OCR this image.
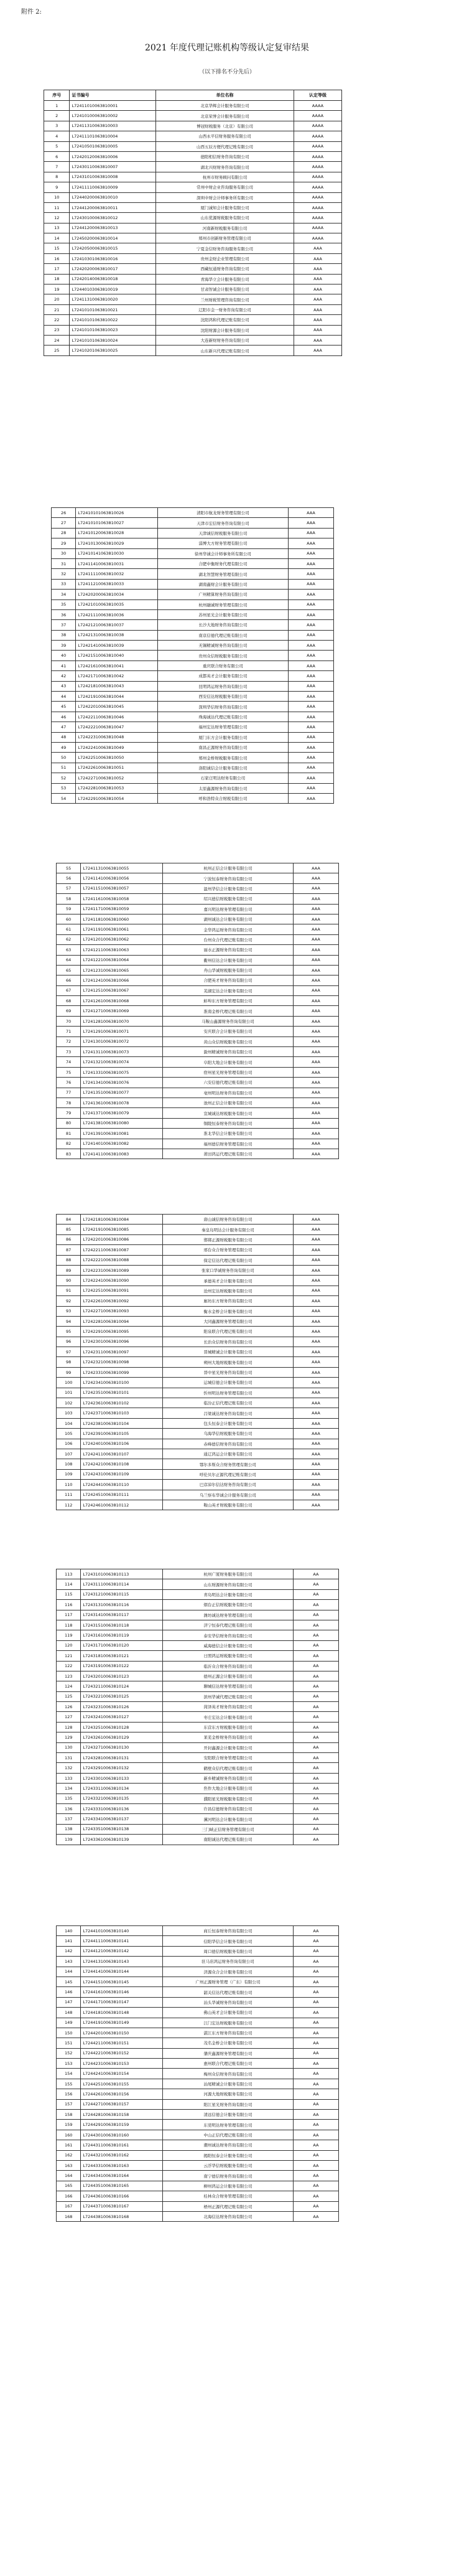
附件 2:
2021 年度代理记账机构等级认定复审结果
（以下排名不分先后）
序号	证书编号	单位名称	认定等级
1	L72411010063810001	北京华辉会计服务有限公司	AAAA
2	L72410100063810002	北京荣誉会计服务有限公司	AAAA
3	L72411310063810003	博冠财税服务（北京）有限公司	AAAA
4	L72411101063810004	山西永平信财务服务有限公司	AAAA
5	L72410501063810005	山西五辰方便代理记账有限公司	AAAA
6	L72420120063810006	德阳相信财务咨询有限公司	AAAA
7	L72430110063810007	湖北兴财财务咨询有限公司	AAAA
8	L72431010063810008	杭州市财务顾问有限公司	AAAA
9	L72411110063810009	常州中财企业咨询服务有限公司	AAAA
10	L72440200063810010	深圳中财会计师事务所有限公司	AAAA
11	L72441200063810011	厦门诚知会计服务有限公司	AAAA
12	L72430100063810012	山东优源财税服务有限公司	AAAA
13	L72441200063810013	河南新财税服务有限公司	AAAA
14	L72450200063810014	郑州市创新财务管理有限公司	AAAA
15	L72420500063810015	宁夏金信财务咨询服务有限公司	AAA
16	L72410301063810016	贵州金财企业管理有限公司	AAA
17	L72420200063810017	西藏恒通财务咨询有限公司	AAA
18	L72420140063810018	青海华立会计服务有限公司	AAA
19	L72440103063810019	甘肃智诚会计服务有限公司	AAA
20	L72411310063810020	兰州财税管理咨询有限公司	AAA
21	L72410101063810021	辽阳市金一财务咨询有限公司	AAA
22	L72410101063810022	沈阳鸿和代理记账有限公司	AAA
23	L72410101063810023	沈阳财源会计服务有限公司	AAA
24	L72410101063810024	大连新财财务咨询有限公司	AAA
25	L72410201063810025	山东新兴代理记账有限公司	AAA
26	L72410101063810026	清阳市航龙财务管理有限公司	AAA
27	L72410101063810027	天津市宏信财务咨询有限公司	AAA
28	L72410120063810028	天津诚信财税服务有限公司	AAA
29	L72410130063810029	淄博大方财务管理有限公司	AAA
30	L72410141063810030	徐州华诚会计师事务所有限公司	AAA
31	L72411410063810031	合肥中衡财务代理有限公司	AAA
32	L72411110063810032	湖北智慧财务管理有限公司	AAA
33	L72411210063810033	湖南鑫财会计服务有限公司	AAA
34	L72420200063810034	广州精算财务咨询有限公司	AAA
35	L72421010063810035	杭州融诚财务管理有限公司	AAA
36	L72421110063810036	苏州星光会计服务有限公司	AAA
37	L72421210063810037	长沙大地财务咨询有限公司	AAA
38	L72421310063810038	南京信德代理记账有限公司	AAA
39	L72421410063810039	无锡精诚财务咨询有限公司	AAA
40	L72421510063810040	贵州众信财税服务有限公司	AAA
41	L72421610063810041	重庆联合财务有限公司	AAA
42	L72421710063810042	成都英才会计服务有限公司	AAA
43	L72421810063810043	昆明鸿运财务咨询有限公司	AAA
44	L72421910063810044	西安信达财税服务有限公司	AAA
45	L72422010063810045	深圳华信财务咨询有限公司	AAA
46	L72422110063810046	珠海诚达代理记账有限公司	AAA
47	L72422210063810047	福州宏达财务管理有限公司	AAA
48	L72422310063810048	厦门东方会计服务有限公司	AAA
49	L72422410063810049	南昌正源财务咨询有限公司	AAA
50	L72422510063810050	郑州金桥财税服务有限公司	AAA
51	L72422610063810051	洛阳诚信会计服务有限公司	AAA
52	L72422710063810052	石家庄明达财务有限公司	AAA
53	L72422810063810053	太原鑫源财务咨询有限公司	AAA
54	L72422910063810054	呼和浩特众合财税有限公司	AAA
55	L72411310063810055	杭州正信会计服务有限公司	AAA
56	L72411410063810056	宁波恒泰财务咨询有限公司	AAA
57	L72411510063810057	温州华信会计服务有限公司	AAA
58	L72411610063810058	绍兴德信财税服务有限公司	AAA
59	L72411710063810059	嘉兴明达财务管理有限公司	AAA
60	L72411810063810060	湖州诚达会计服务有限公司	AAA
61	L72411910063810061	金华鸿运财务咨询有限公司	AAA
62	L72412010063810062	台州众合代理记账有限公司	AAA
63	L72412110063810063	丽水正源财务咨询有限公司	AAA
64	L72412210063810064	衢州信达会计服务有限公司	AAA
65	L72412310063810065	舟山华诚财税服务有限公司	AAA
66	L72412410063810066	合肥英才财务咨询有限公司	AAA
67	L72412510063810067	芜湖宏达会计服务有限公司	AAA
68	L72412610063810068	蚌埠东方财务管理有限公司	AAA
69	L72412710063810069	淮南金桥代理记账有限公司	AAA
70	L72412810063810070	马鞍山鑫源财务咨询有限公司	AAA
71	L72412910063810071	安庆联合会计服务有限公司	AAA
72	L72413010063810072	黄山众信财税服务有限公司	AAA
73	L72413110063810073	滁州精诚财务咨询有限公司	AAA
74	L72413210063810074	阜阳大地会计服务有限公司	AAA
75	L72413310063810075	宿州星光财务管理有限公司	AAA
76	L72413410063810076	六安信德代理记账有限公司	AAA
77	L72413510063810077	亳州明达财务咨询有限公司	AAA
78	L72413610063810078	池州正信会计服务有限公司	AAA
79	L72413710063810079	宣城诚达财税服务有限公司	AAA
80	L72413810063810080	铜陵恒泰财务咨询有限公司	AAA
81	L72413910063810081	淮北华信会计服务有限公司	AAA
82	L72414010063810082	福州德信财务管理有限公司	AAA
83	L72414110063810083	莆田鸿运代理记账有限公司	AAA
84	L72421810063810084	唐山诚信财务咨询有限公司	AAA
85	L72421910063810085	秦皇岛明达会计服务有限公司	AAA
86	L72422010063810086	邯郸正源财税服务有限公司	AAA
87	L72422110063810087	邢台众合财务管理有限公司	AAA
88	L72422210063810088	保定信达代理记账有限公司	AAA
89	L72422310063810089	张家口华诚财务咨询有限公司	AAA
90	L72422410063810090	承德英才会计服务有限公司	AAA
91	L72422510063810091	沧州宏达财税服务有限公司	AAA
92	L72422610063810092	廊坊东方财务咨询有限公司	AAA
93	L72422710063810093	衡水金桥会计服务有限公司	AAA
94	L72422810063810094	大同鑫源财务管理有限公司	AAA
95	L72422910063810095	阳泉联合代理记账有限公司	AAA
96	L72423010063810096	长治众信财务咨询有限公司	AAA
97	L72423110063810097	晋城精诚会计服务有限公司	AAA
98	L72423210063810098	朔州大地财税服务有限公司	AAA
99	L72423310063810099	晋中星光财务咨询有限公司	AAA
100	L72423410063810100	运城信德会计服务有限公司	AAA
101	L72423510063810101	忻州明达财务管理有限公司	AAA
102	L72423610063810102	临汾正信代理记账有限公司	AAA
103	L72423710063810103	吕梁诚达财务咨询有限公司	AAA
104	L72423810063810104	包头恒泰会计服务有限公司	AAA
105	L72423910063810105	乌海华信财税服务有限公司	AAA
106	L72424010063810106	赤峰德信财务咨询有限公司	AAA
107	L72424110063810107	通辽鸿运会计服务有限公司	AAA
108	L72424210063810108	鄂尔多斯众合财务管理有限公司	AAA
109	L72424310063810109	呼伦贝尔正源代理记账有限公司	AAA
110	L72424410063810110	巴彦淖尔信达财务咨询有限公司	AAA
111	L72424510063810111	乌兰察布华诚会计服务有限公司	AAA
112	L72424610063810112	鞍山英才财税服务有限公司	AAA
113	L72431010063810113	杭州广厦财务服务有限公司	AA
114	L72431110063810114	山东财源财务咨询有限公司	AA
115	L72431210063810115	青岛明达会计服务有限公司	AA
116	L72431310063810116	烟台正信财税服务有限公司	AA
117	L72431410063810117	潍坊诚达财务管理有限公司	AA
118	L72431510063810118	济宁恒泰代理记账有限公司	AA
119	L72431610063810119	泰安华信财务咨询有限公司	AA
120	L72431710063810120	威海德信会计服务有限公司	AA
121	L72431810063810121	日照鸿运财税服务有限公司	AA
122	L72431910063810122	临沂众合财务咨询有限公司	AA
123	L72432010063810123	德州正源会计服务有限公司	AA
124	L72432110063810124	聊城信达财务管理有限公司	AA
125	L72432210063810125	滨州华诚代理记账有限公司	AA
126	L72432310063810126	菏泽英才财务咨询有限公司	AA
127	L72432410063810127	枣庄宏达会计服务有限公司	AA
128	L72432510063810128	东营东方财税服务有限公司	AA
129	L72432610063810129	莱芜金桥财务咨询有限公司	AA
130	L72432710063810130	开封鑫源会计服务有限公司	AA
131	L72432810063810131	安阳联合财务管理有限公司	AA
132	L72432910063810132	鹤壁众信代理记账有限公司	AA
133	L72433010063810133	新乡精诚财务咨询有限公司	AA
134	L72433110063810134	焦作大地会计服务有限公司	AA
135	L72433210063810135	濮阳星光财税服务有限公司	AA
136	L72433310063810136	许昌信德财务咨询有限公司	AA
137	L72433410063810137	漯河明达会计服务有限公司	AA
138	L72433510063810138	三门峡正信财务管理有限公司	AA
139	L72433610063810139	南阳诚达代理记账有限公司	AA
140	L72441010063810140	商丘恒泰财务咨询有限公司	AA
141	L72441110063810141	信阳华信会计服务有限公司	AA
142	L72441210063810142	周口德信财税服务有限公司	AA
143	L72441310063810143	驻马店鸿运财务咨询有限公司	AA
144	L72441410063810144	济源众合会计服务有限公司	AA
145	L72441510063810145	广州正源财务管理（广东）有限公司	AA
146	L72441610063810146	韶关信达代理记账有限公司	AA
147	L72441710063810147	汕头华诚财务咨询有限公司	AA
148	L72441810063810148	佛山英才会计服务有限公司	AA
149	L72441910063810149	江门宏达财税服务有限公司	AA
150	L72442010063810150	湛江东方财务咨询有限公司	AA
151	L72442110063810151	茂名金桥会计服务有限公司	AA
152	L72442210063810152	肇庆鑫源财务管理有限公司	AA
153	L72442310063810153	惠州联合代理记账有限公司	AA
154	L72442410063810154	梅州众信财务咨询有限公司	AA
155	L72442510063810155	汕尾精诚会计服务有限公司	AA
156	L72442610063810156	河源大地财税服务有限公司	AA
157	L72442710063810157	阳江星光财务咨询有限公司	AA
158	L72442810063810158	清远信德会计服务有限公司	AA
159	L72442910063810159	东莞明达财务管理有限公司	AA
160	L72443010063810160	中山正信代理记账有限公司	AA
161	L72443110063810161	潮州诚达财务咨询有限公司	AA
162	L72443210063810162	揭阳恒泰会计服务有限公司	AA
163	L72443310063810163	云浮华信财税服务有限公司	AA
164	L72443410063810164	南宁德信财务咨询有限公司	AA
165	L72443510063810165	柳州鸿运会计服务有限公司	AA
166	L72443610063810166	桂林众合财务管理有限公司	AA
167	L72443710063810167	梧州正源代理记账有限公司	AA
168	L72443810063810168	北海信达财务咨询有限公司	AA
